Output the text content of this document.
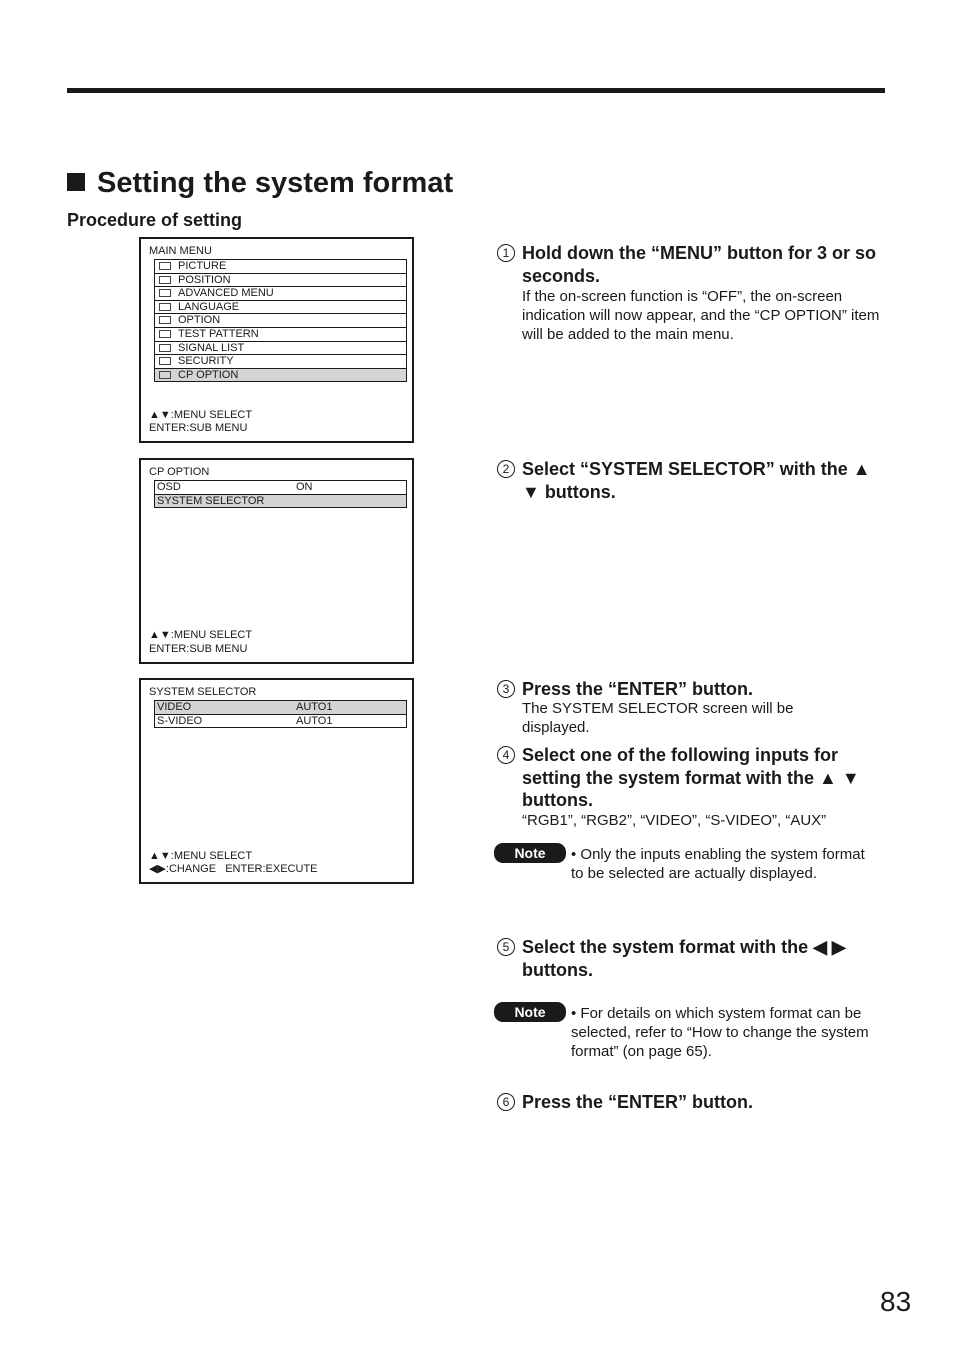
Setting the system format
Procedure of setting
MAIN MENU
PICTURE
POSITION
ADVANCED MENU
LANGUAGE
OPTION
TEST PATTERN
SIGNAL LIST
SECURITY
CP OPTION
▲▼:MENU SELECT
ENTER:SUB MENU
CP OPTION
OSD	ON
SYSTEM SELECTOR
▲▼:MENU SELECT
ENTER:SUB MENU
SYSTEM SELECTOR
VIDEO	AUTO1
S-VIDEO	AUTO1
▲▼:MENU SELECT
◀▶:CHANGE   ENTER:EXECUTE
1 Hold down the “MENU” button for 3 or so seconds.
If the on-screen function is “OFF”, the on-screen indication will now appear, and the “CP OPTION” item will be added to the main menu.
2 Select “SYSTEM SELECTOR” with the ▲ ▼ buttons.
3 Press the “ENTER” button.
The SYSTEM SELECTOR screen will be displayed.
4 Select one of the following inputs for setting the system format with the ▲ ▼ buttons.
“RGB1”, “RGB2”, “VIDEO”, “S-VIDEO”, “AUX”
Note	• Only the inputs enabling the system format to be selected are actually displayed.
5 Select the system format with the ◀ ▶ buttons.
Note	• For details on which system format can be selected, refer to “How to change the system format” (on page 65).
6 Press the “ENTER” button.
83
